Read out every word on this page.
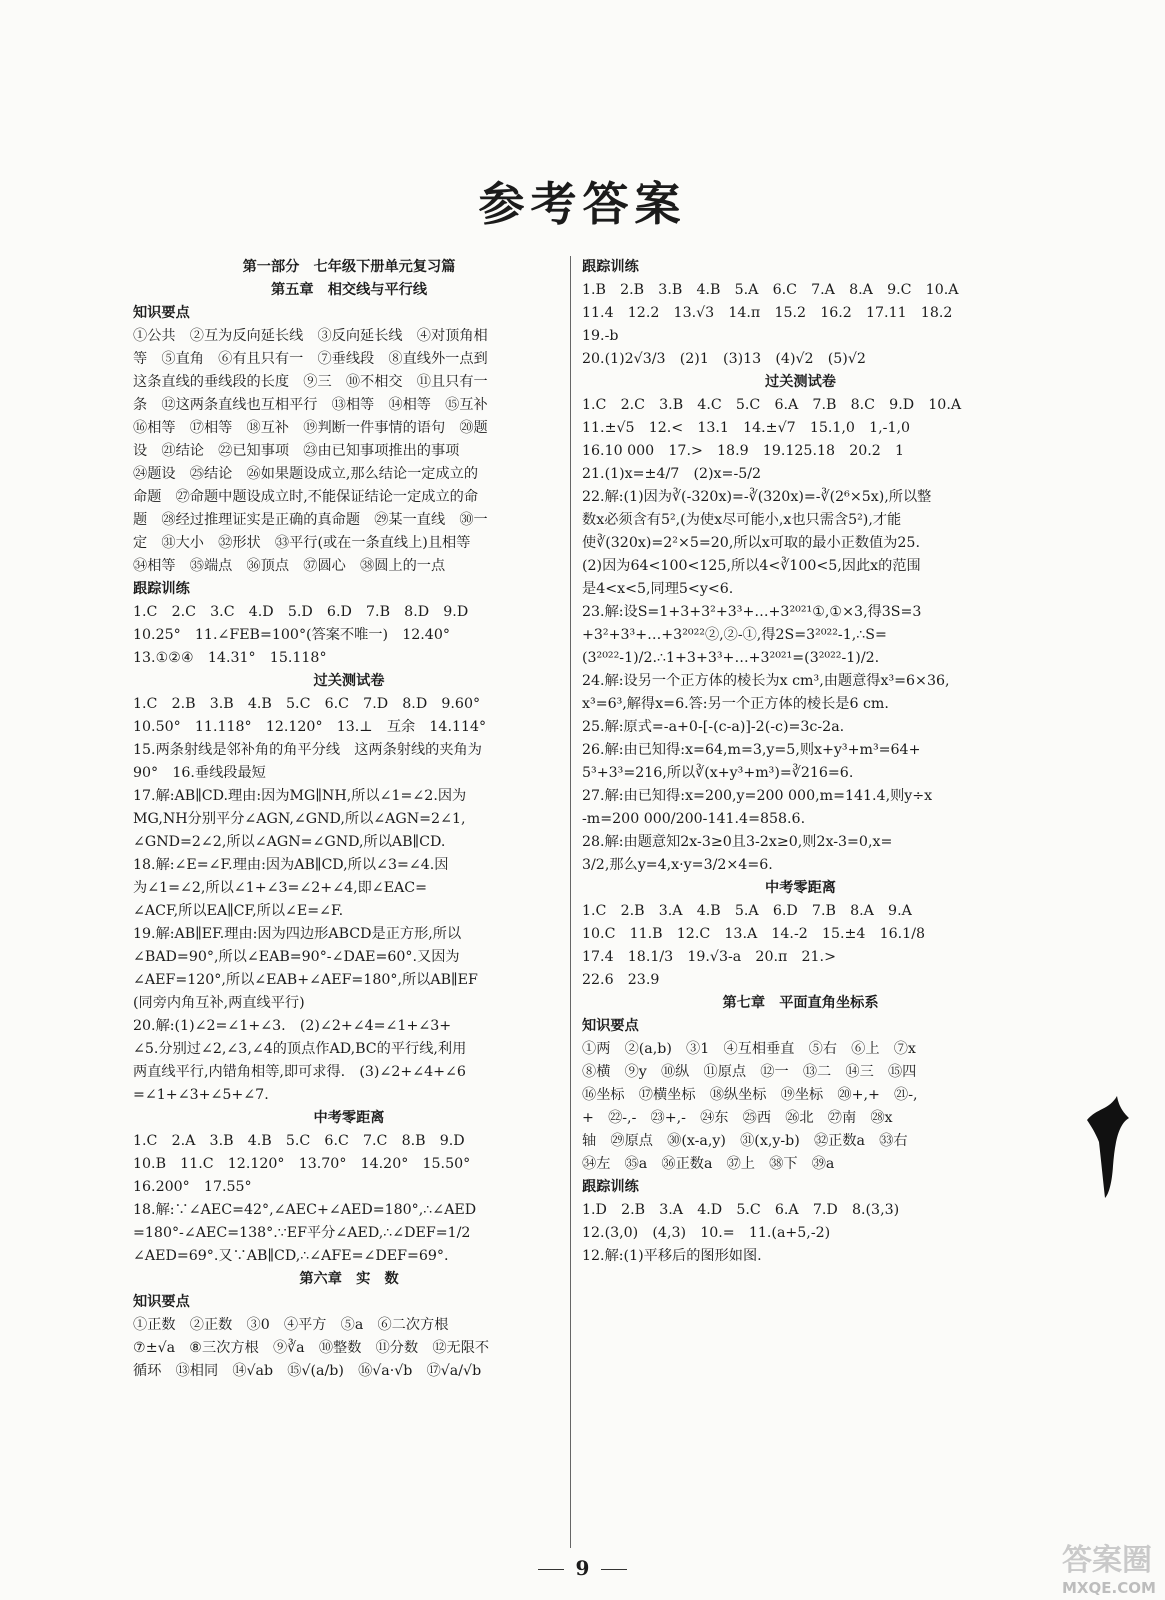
参考答案
第一部分　七年级下册单元复习篇
第五章　相交线与平行线
知识要点
①公共　②互为反向延长线　③反向延长线　④对顶角相
等　⑤直角　⑥有且只有一　⑦垂线段　⑧直线外一点到
这条直线的垂线段的长度　⑨三　⑩不相交　⑪且只有一
条　⑫这两条直线也互相平行　⑬相等　⑭相等　⑮互补
⑯相等　⑰相等　⑱互补　⑲判断一件事情的语句　⑳题
设　㉑结论　㉒已知事项　㉓由已知事项推出的事项
㉔题设　㉕结论　㉖如果题设成立,那么结论一定成立的
命题　㉗命题中题设成立时,不能保证结论一定成立的命
题　㉘经过推理证实是正确的真命题　㉙某一直线　㉚一
定　㉛大小　㉜形状　㉝平行(或在一条直线上)且相等
㉞相等　㉟端点　㊱顶点　㊲圆心　㊳圆上的一点
跟踪训练
1.C　2.C　3.C　4.D　5.D　6.D　7.B　8.D　9.D
10.25°　11.∠FEB=100°(答案不唯一)　12.40°
13.①②④　14.31°　15.118°
过关测试卷
1.C　2.B　3.B　4.B　5.C　6.C　7.D　8.D　9.60°
10.50°　11.118°　12.120°　13.⊥　互余　14.114°
15.两条射线是邻补角的角平分线　这两条射线的夹角为
90°　16.垂线段最短
17.解:AB∥CD.理由:因为MG∥NH,所以∠1=∠2.因为
MG,NH分别平分∠AGN,∠GND,所以∠AGN=2∠1,
∠GND=2∠2,所以∠AGN=∠GND,所以AB∥CD.
18.解:∠E=∠F.理由:因为AB∥CD,所以∠3=∠4.因
为∠1=∠2,所以∠1+∠3=∠2+∠4,即∠EAC=
∠ACF,所以EA∥CF,所以∠E=∠F.
19.解:AB∥EF.理由:因为四边形ABCD是正方形,所以
∠BAD=90°,所以∠EAB=90°-∠DAE=60°.又因为
∠AEF=120°,所以∠EAB+∠AEF=180°,所以AB∥EF
(同旁内角互补,两直线平行)
20.解:(1)∠2=∠1+∠3.　(2)∠2+∠4=∠1+∠3+
∠5.分别过∠2,∠3,∠4的顶点作AD,BC的平行线,利用
两直线平行,内错角相等,即可求得.　(3)∠2+∠4+∠6
=∠1+∠3+∠5+∠7.
中考零距离
1.C　2.A　3.B　4.B　5.C　6.C　7.C　8.B　9.D
10.B　11.C　12.120°　13.70°　14.20°　15.50°
16.200°　17.55°
18.解:∵∠AEC=42°,∠AEC+∠AED=180°,∴∠AED
=180°-∠AEC=138°.∵EF平分∠AED,∴∠DEF=1/2
∠AED=69°.又∵AB∥CD,∴∠AFE=∠DEF=69°.
第六章　实　数
知识要点
①正数　②正数　③0　④平方　⑤a　⑥二次方根
⑦±√a　⑧三次方根　⑨∛a　⑩整数　⑪分数　⑫无限不
循环　⑬相同　⑭√ab　⑮√(a/b)　⑯√a·√b　⑰√a/√b
跟踪训练
1.B　2.B　3.B　4.B　5.A　6.C　7.A　8.A　9.C　10.A
11.4　12.2　13.√3　14.π　15.2　16.2　17.11　18.2
19.-b
20.(1)2√3/3　(2)1　(3)13　(4)√2　(5)√2
过关测试卷
1.C　2.C　3.B　4.C　5.C　6.A　7.B　8.C　9.D　10.A
11.±√5　12.<　13.1　14.±√7　15.1,0　1,-1,0
16.10 000　17.>　18.9　19.125.18　20.2　1
21.(1)x=±4/7　(2)x=-5/2
22.解:(1)因为∛(-320x)=-∛(320x)=-∛(2⁶×5x),所以整
数x必须含有5²,(为使x尽可能小,x也只需含5²),才能
使∛(320x)=2²×5=20,所以x可取的最小正数值为25.
(2)因为64<100<125,所以4<∛100<5,因此x的范围
是4<x<5,同理5<y<6.
23.解:设S=1+3+3²+3³+…+3²⁰²¹①,①×3,得3S=3
+3²+3³+…+3²⁰²²②,②-①,得2S=3²⁰²²-1,∴S=
(3²⁰²²-1)/2.∴1+3+3³+…+3²⁰²¹=(3²⁰²²-1)/2.
24.解:设另一个正方体的棱长为x cm³,由题意得x³=6×36,
x³=6³,解得x=6.答:另一个正方体的棱长是6 cm.
25.解:原式=-a+0-[-(c-a)]-2(-c)=3c-2a.
26.解:由已知得:x=64,m=3,y=5,则x+y³+m³=64+
5³+3³=216,所以∛(x+y³+m³)=∛216=6.
27.解:由已知得:x=200,y=200 000,m=141.4,则y÷x
-m=200 000/200-141.4=858.6.
28.解:由题意知2x-3≥0且3-2x≥0,则2x-3=0,x=
3/2,那么y=4,x·y=3/2×4=6.
中考零距离
1.C　2.B　3.A　4.B　5.A　6.D　7.B　8.A　9.A
10.C　11.B　12.C　13.A　14.-2　15.±4　16.1/8
17.4　18.1/3　19.√3-a　20.π　21.>
22.6　23.9
第七章　平面直角坐标系
知识要点
①两　②(a,b)　③1　④互相垂直　⑤右　⑥上　⑦x
⑧横　⑨y　⑩纵　⑪原点　⑫一　⑬二　⑭三　⑮四
⑯坐标　⑰横坐标　⑱纵坐标　⑲坐标　⑳+,+　㉑-,
+　㉒-,-　㉓+,-　㉔东　㉕西　㉖北　㉗南　㉘x
轴　㉙原点　㉚(x-a,y)　㉛(x,y-b)　㉜正数a　㉝右
㉞左　㉟a　㊱正数a　㊲上　㊳下　㊴a
跟踪训练
1.D　2.B　3.A　4.D　5.C　6.A　7.D　8.(3,3)
12.(3,0)　(4,3)　10.=　11.(a+5,-2)
12.解:(1)平移后的图形如图.
9	答案圈
MXQE.COM
